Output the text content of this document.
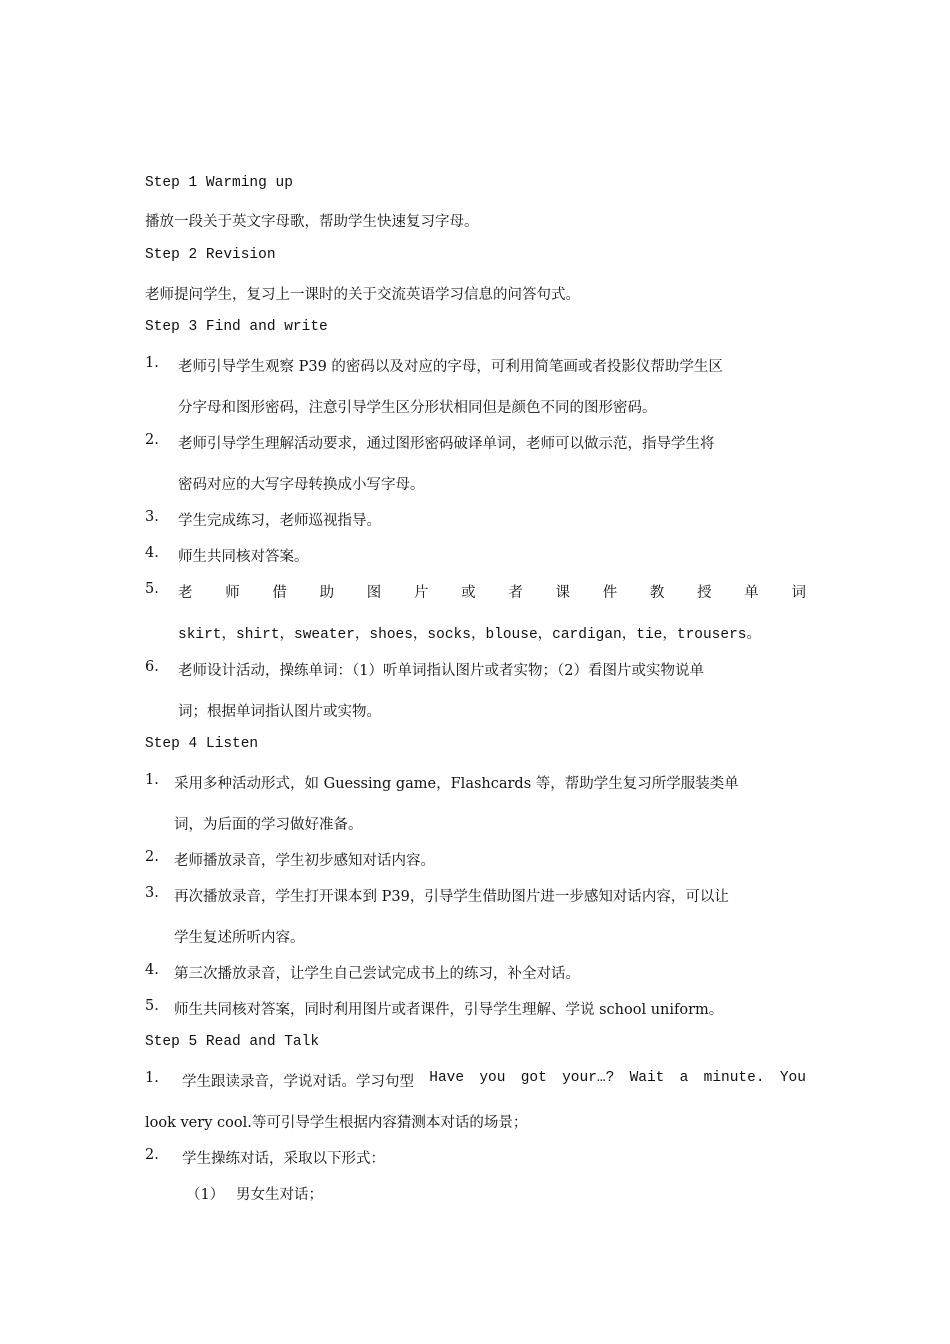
Step 1 Warming up
播放一段关于英文字母歌，帮助学生快速复习字母。
Step 2 Revision
老师提问学生，复习上一课时的关于交流英语学习信息的问答句式。
Step 3 Find and write
1.	老师引导学生观察 P39 的密码以及对应的字母，可利用简笔画或者投影仪帮助学生区
分字母和图形密码，注意引导学生区分形状相同但是颜色不同的图形密码。
2.	老师引导学生理解活动要求，通过图形密码破译单词，老师可以做示范，指导学生将
密码对应的大写字母转换成小写字母。
3.	学生完成练习，老师巡视指导。
4.	师生共同核对答案。
5.	老 师 借 助 图 片 或 者 课 件 教 授 单 词
skirt，shirt，sweater，shoes，socks，blouse，cardigan，tie，trousers。
6.	老师设计活动，操练单词：（1）听单词指认图片或者实物；（2）看图片或实物说单
词；根据单词指认图片或实物。
Step 4 Listen
1.	采用多种活动形式，如 Guessing game，Flashcards 等，帮助学生复习所学服装类单
词，为后面的学习做好准备。
2.	老师播放录音，学生初步感知对话内容。
3.	再次播放录音，学生打开课本到 P39，引导学生借助图片进一步感知对话内容，可以让
学生复述所听内容。
4.	第三次播放录音，让学生自己尝试完成书上的练习，补全对话。
5.	师生共同核对答案，同时利用图片或者课件，引导学生理解、学说 school uniform。
Step 5 Read and Talk
1.	学生跟读录音，学说对话。学习句型 Have you got your…? Wait a minute. You
look very cool.等可引导学生根据内容猜测本对话的场景；
2.	学生操练对话，采取以下形式：
（1） 男女生对话；
